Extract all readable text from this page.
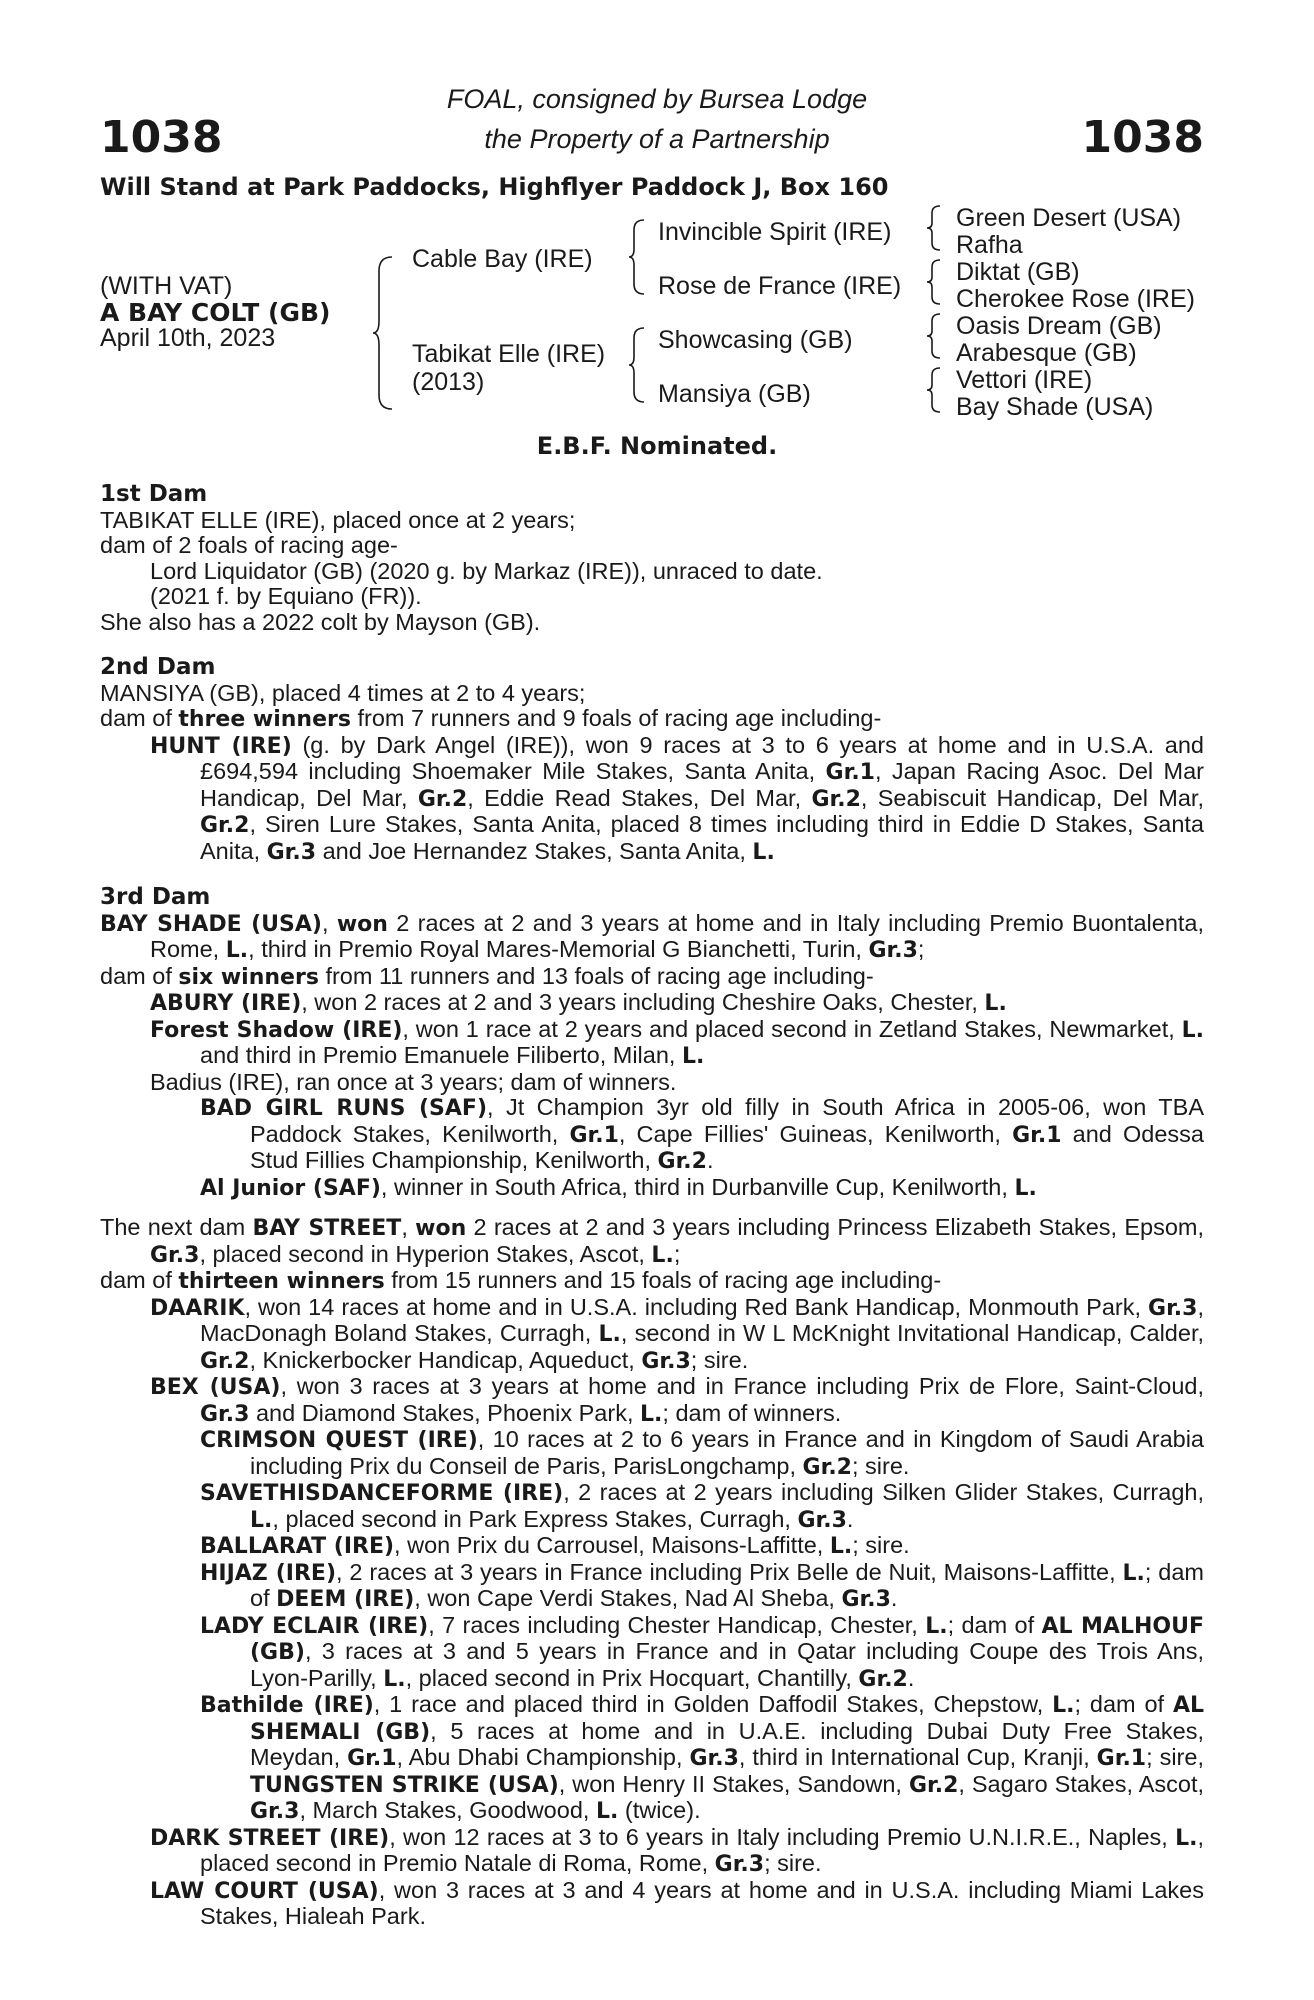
1038	1038
FOAL, consigned by Bursea Lodge
the Property of a Partnership
Will Stand at Park Paddocks, Highflyer Paddock J, Box 160
(WITH VAT)
A BAY COLT (GB)
April 10th, 2023
Cable Bay (IRE)
Tabikat Elle (IRE)
(2013)
Invincible Spirit (IRE)
Rose de France (IRE)
Showcasing (GB)
Mansiya (GB)
Green Desert (USA)
Rafha
Diktat (GB)
Cherokee Rose (IRE)
Oasis Dream (GB)
Arabesque (GB)
Vettori (IRE)
Bay Shade (USA)
E.B.F. Nominated.

1st Dam

TABIKAT ELLE (IRE), placed once at 2 years;

dam of 2 foals of racing age-

Lord Liquidator (GB) (2020 g. by Markaz (IRE)), unraced to date.

(2021 f. by Equiano (FR)).

She also has a 2022 colt by Mayson (GB).

2nd Dam

MANSIYA (GB), placed 4 times at 2 to 4 years;

dam of three winners from 7 runners and 9 foals of racing age including-

HUNT (IRE) (g. by Dark Angel (IRE)), won 9 races at 3 to 6 years at home and in U.S.A. and £694,594 including Shoemaker Mile Stakes, Santa Anita, Gr.1, Japan Racing Asoc. Del Mar Handicap, Del Mar, Gr.2, Eddie Read Stakes, Del Mar, Gr.2, Seabiscuit Handicap, Del Mar, Gr.2, Siren Lure Stakes, Santa Anita, placed 8 times including third in Eddie D Stakes, Santa Anita, Gr.3 and Joe Hernandez Stakes, Santa Anita, L.

3rd Dam

BAY SHADE (USA), won 2 races at 2 and 3 years at home and in Italy including Premio Buontalenta, Rome, L., third in Premio Royal Mares-Memorial G Bianchetti, Turin, Gr.3;

dam of six winners from 11 runners and 13 foals of racing age including-

ABURY (IRE), won 2 races at 2 and 3 years including Cheshire Oaks, Chester, L.

Forest Shadow (IRE), won 1 race at 2 years and placed second in Zetland Stakes, Newmarket, L. and third in Premio Emanuele Filiberto, Milan, L.

Badius (IRE), ran once at 3 years; dam of winners.

BAD GIRL RUNS (SAF), Jt Champion 3yr old filly in South Africa in 2005-06, won TBA Paddock Stakes, Kenilworth, Gr.1, Cape Fillies' Guineas, Kenilworth, Gr.1 and Odessa Stud Fillies Championship, Kenilworth, Gr.2.

Al Junior (SAF), winner in South Africa, third in Durbanville Cup, Kenilworth, L.

The next dam BAY STREET, won 2 races at 2 and 3 years including Princess Elizabeth Stakes, Epsom, Gr.3, placed second in Hyperion Stakes, Ascot, L.;

dam of thirteen winners from 15 runners and 15 foals of racing age including-

DAARIK, won 14 races at home and in U.S.A. including Red Bank Handicap, Monmouth Park, Gr.3, MacDonagh Boland Stakes, Curragh, L., second in W L McKnight Invitational Handicap, Calder, Gr.2, Knickerbocker Handicap, Aqueduct, Gr.3; sire.

BEX (USA), won 3 races at 3 years at home and in France including Prix de Flore, Saint-Cloud, Gr.3 and Diamond Stakes, Phoenix Park, L.; dam of winners.

CRIMSON QUEST (IRE), 10 races at 2 to 6 years in France and in Kingdom of Saudi Arabia including Prix du Conseil de Paris, ParisLongchamp, Gr.2; sire.

SAVETHISDANCEFORME (IRE), 2 races at 2 years including Silken Glider Stakes, Curragh, L., placed second in Park Express Stakes, Curragh, Gr.3.

BALLARAT (IRE), won Prix du Carrousel, Maisons-Laffitte, L.; sire.

HIJAZ (IRE), 2 races at 3 years in France including Prix Belle de Nuit, Maisons-Laffitte, L.; dam of DEEM (IRE), won Cape Verdi Stakes, Nad Al Sheba, Gr.3.

LADY ECLAIR (IRE), 7 races including Chester Handicap, Chester, L.; dam of AL MALHOUF (GB), 3 races at 3 and 5 years in France and in Qatar including Coupe des Trois Ans, Lyon-Parilly, L., placed second in Prix Hocquart, Chantilly, Gr.2.

Bathilde (IRE), 1 race and placed third in Golden Daffodil Stakes, Chepstow, L.; dam of AL SHEMALI (GB), 5 races at home and in U.A.E. including Dubai Duty Free Stakes, Meydan, Gr.1, Abu Dhabi Championship, Gr.3, third in International Cup, Kranji, Gr.1; sire, TUNGSTEN STRIKE (USA), won Henry II Stakes, Sandown, Gr.2, Sagaro Stakes, Ascot, Gr.3, March Stakes, Goodwood, L. (twice).

DARK STREET (IRE), won 12 races at 3 to 6 years in Italy including Premio U.N.I.R.E., Naples, L., placed second in Premio Natale di Roma, Rome, Gr.3; sire.

LAW COURT (USA), won 3 races at 3 and 4 years at home and in U.S.A. including Miami Lakes Stakes, Hialeah Park.
